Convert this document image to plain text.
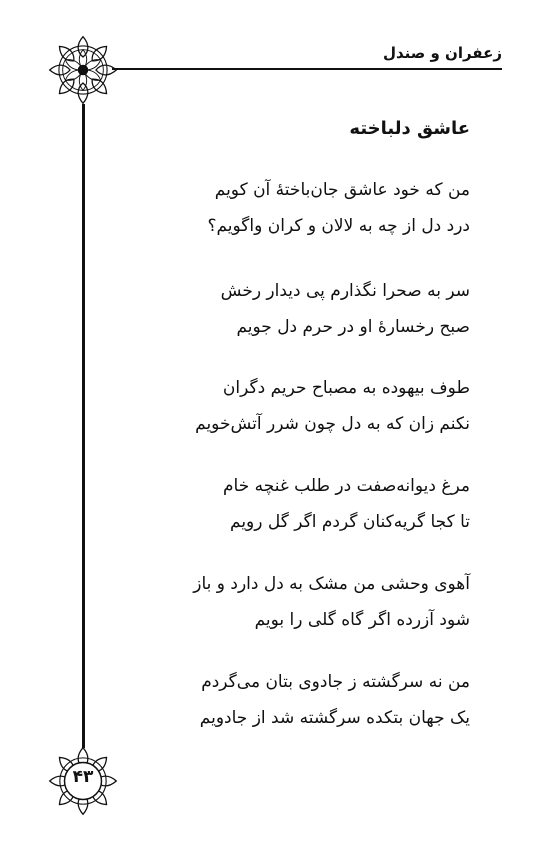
زعفران و صندل
عاشق دلباخته
من که خود عاشق جان‌باختهٔ آن کویم
درد دل از چه به لالان و کران واگویم؟
سر به صحرا نگذارم پی دیدار رخش
صبح رخسارهٔ او در حرم دل جویم
طوف بیهوده به مصباح حریم دگران
نکنم زان که به دل چون شرر آتش‌خویم
مرغ دیوانه‌صفت در طلب غنچه خام
تا کجا گریه‌کنان گردم اگر گل رویم
آهوی وحشی من مشک به دل دارد و باز
شود آزرده اگر گاه گلی را بویم
من نه سرگشته ز جادوی بتان می‌گردم
یک جهان بتکده سرگشته شد از جادویم
۴۳
